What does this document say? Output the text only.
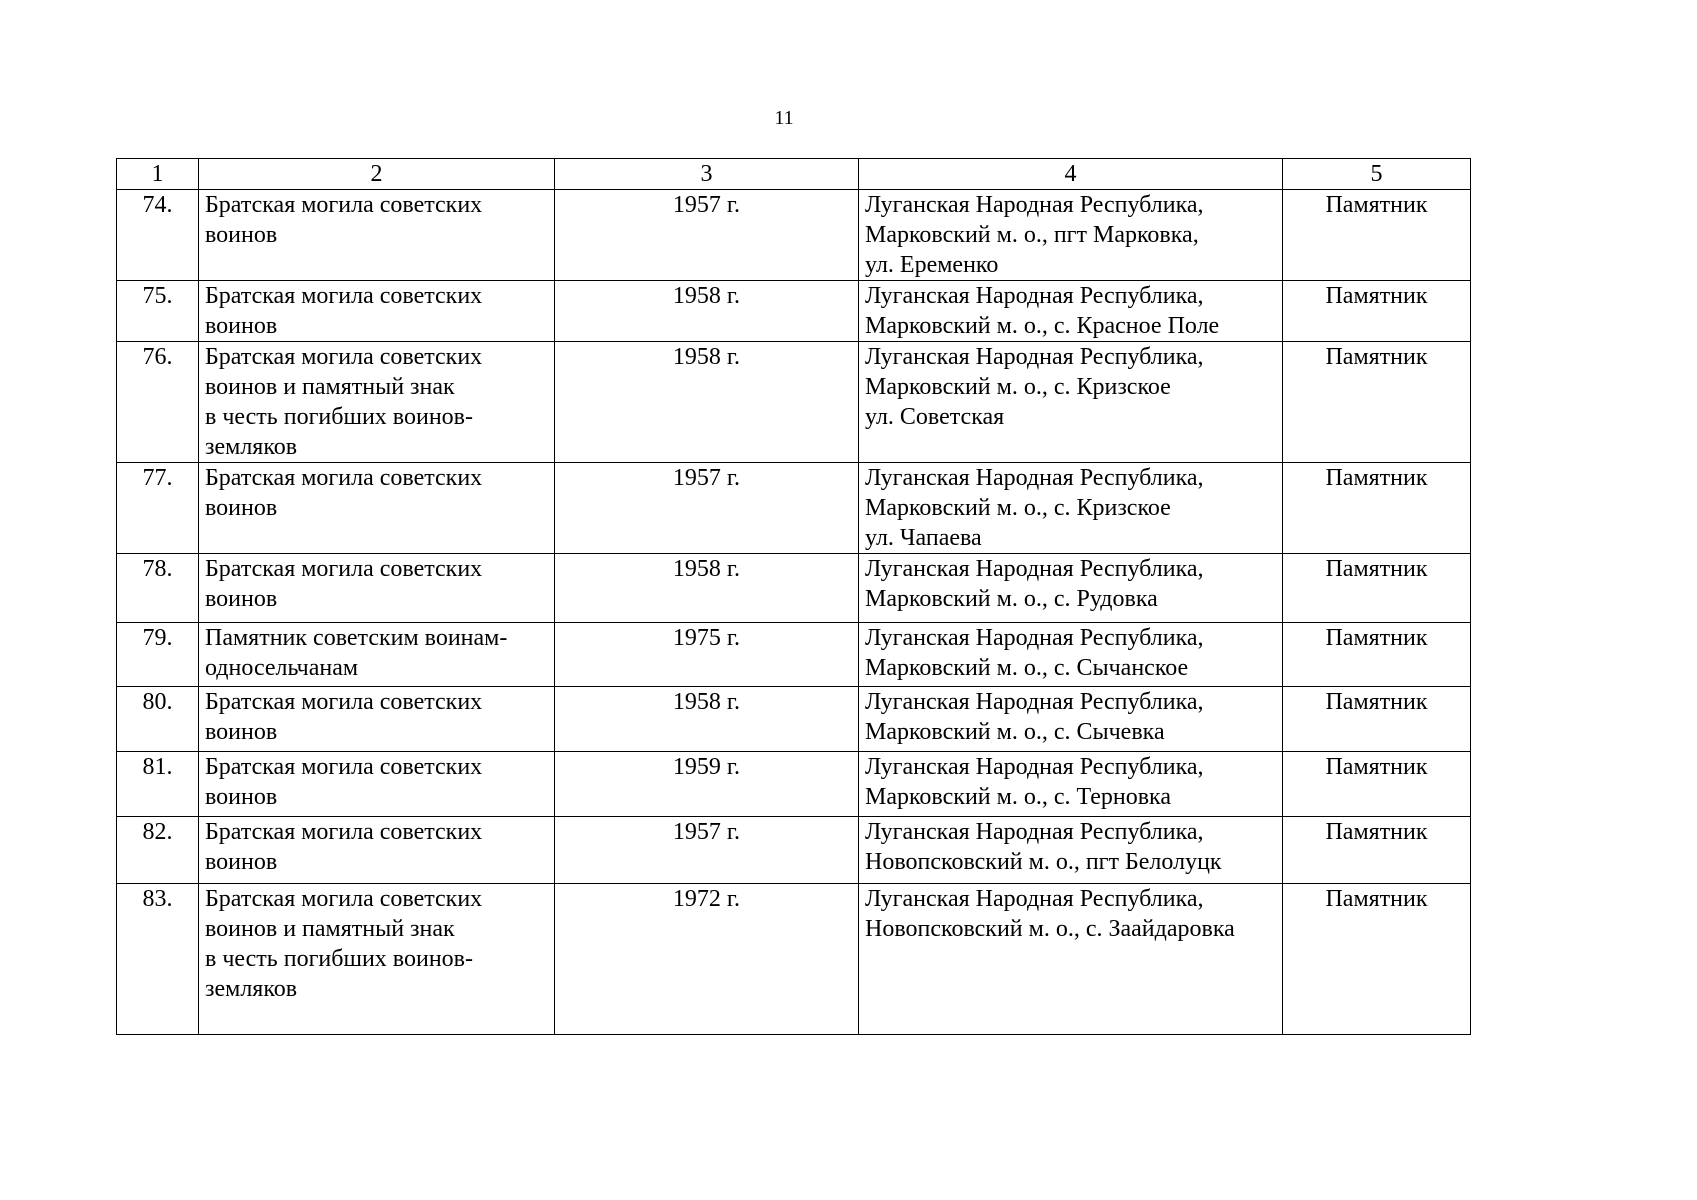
11
1	2	3	4	5
74.	Братская могила советских
воинов	1957 г.	Луганская Народная Республика,
Марковский м. о., пгт Марковка,
ул. Еременко	Памятник
75.	Братская могила советских
воинов	1958 г.	Луганская Народная Республика,
Марковский м. о., с. Красное Поле	Памятник
76.	Братская могила советских
воинов и памятный знак
в честь погибших воинов-
земляков	1958 г.	Луганская Народная Республика,
Марковский м. о., с. Кризское
ул. Советская	Памятник
77.	Братская могила советских
воинов	1957 г.	Луганская Народная Республика,
Марковский м. о., с. Кризское
ул. Чапаева	Памятник
78.	Братская могила советских
воинов	1958 г.	Луганская Народная Республика,
Марковский м. о., с. Рудовка	Памятник
79.	Памятник советским воинам-
односельчанам	1975 г.	Луганская Народная Республика,
Марковский м. о., с. Сычанское	Памятник
80.	Братская могила советских
воинов	1958 г.	Луганская Народная Республика,
Марковский м. о., с. Сычевка	Памятник
81.	Братская могила советских
воинов	1959 г.	Луганская Народная Республика,
Марковский м. о., с. Терновка	Памятник
82.	Братская могила советских
воинов	1957 г.	Луганская Народная Республика,
Новопсковский м. о., пгт Белолуцк	Памятник
83.	Братская могила советских
воинов и памятный знак
в честь погибших воинов-
земляков	1972 г.	Луганская Народная Республика,
Новопсковский м. о., с. Заайдаровка	Памятник
